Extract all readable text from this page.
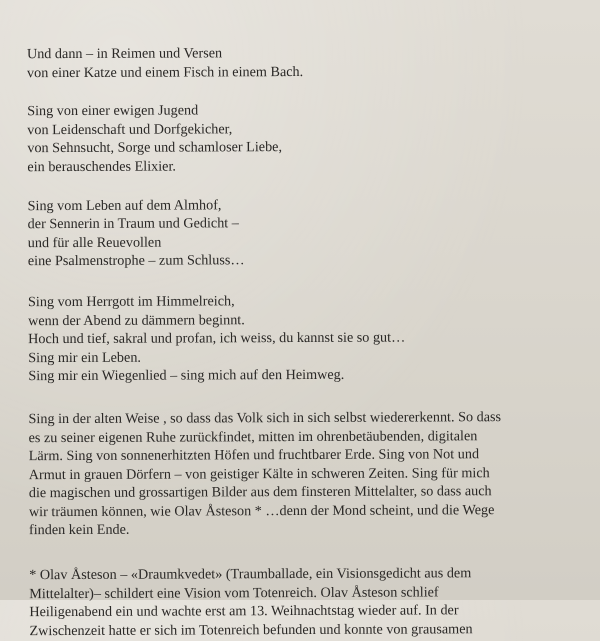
Und dann – in Reimen und Versen
von einer Katze und einem Fisch in einem Bach.

Sing von einer ewigen Jugend
von Leidenschaft und Dorfgekicher,
von Sehnsucht, Sorge und schamloser Liebe,
ein berauschendes Elixier.

Sing vom Leben auf dem Almhof,
der Sennerin in Traum und Gedicht –
und für alle Reuevollen
eine Psalmenstrophe – zum Schluss…

Sing vom Herrgott im Himmelreich,
wenn der Abend zu dämmern beginnt.
Hoch und tief, sakral und profan, ich weiss, du kannst sie so gut…
Sing mir ein Leben.
Sing mir ein Wiegenlied – sing mich auf den Heimweg.

Sing in der alten Weise , so dass das Volk sich in sich selbst wiedererkennt. So dass
es zu seiner eigenen Ruhe zurückfindet, mitten im ohrenbetäubenden, digitalen
Lärm. Sing von sonnenerhitzten Höfen und fruchtbarer Erde. Sing von Not und
Armut in grauen Dörfern – von geistiger Kälte in schweren Zeiten. Sing für mich
die magischen und grossartigen Bilder aus dem finsteren Mittelalter, so dass auch
wir träumen können, wie Olav Åsteson * …denn der Mond scheint, und die Wege
finden kein Ende.

* Olav Åsteson – «Draumkvedet» (Traumballade, ein Visionsgedicht aus dem
Mittelalter)– schildert eine Vision vom Totenreich. Olav Åsteson schlief
Heiligenabend ein und wachte erst am 13. Weihnachtstag wieder auf. In der
Zwischenzeit hatte er sich im Totenreich befunden und konnte von grausamen
